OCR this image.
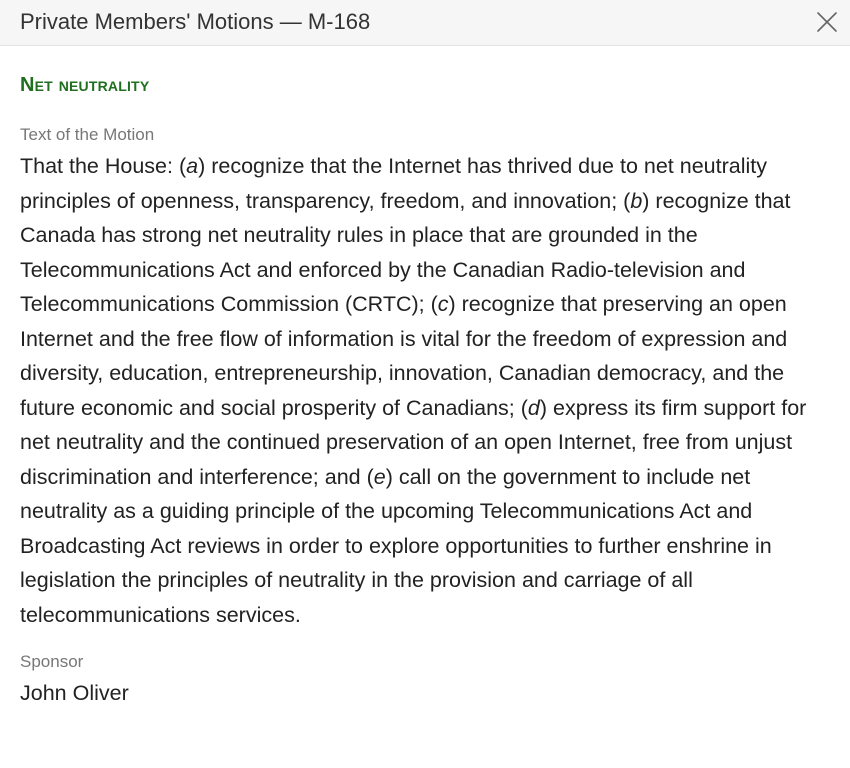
Private Members' Motions — M-168
Net neutrality
Text of the Motion
That the House: (a) recognize that the Internet has thrived due to net neutrality principles of openness, transparency, freedom, and innovation; (b) recognize that Canada has strong net neutrality rules in place that are grounded in the Telecommunications Act and enforced by the Canadian Radio-television and Telecommunications Commission (CRTC); (c) recognize that preserving an open Internet and the free flow of information is vital for the freedom of expression and diversity, education, entrepreneurship, innovation, Canadian democracy, and the future economic and social prosperity of Canadians; (d) express its firm support for net neutrality and the continued preservation of an open Internet, free from unjust discrimination and interference; and (e) call on the government to include net neutrality as a guiding principle of the upcoming Telecommunications Act and Broadcasting Act reviews in order to explore opportunities to further enshrine in legislation the principles of neutrality in the provision and carriage of all telecommunications services.
Sponsor
John Oliver
